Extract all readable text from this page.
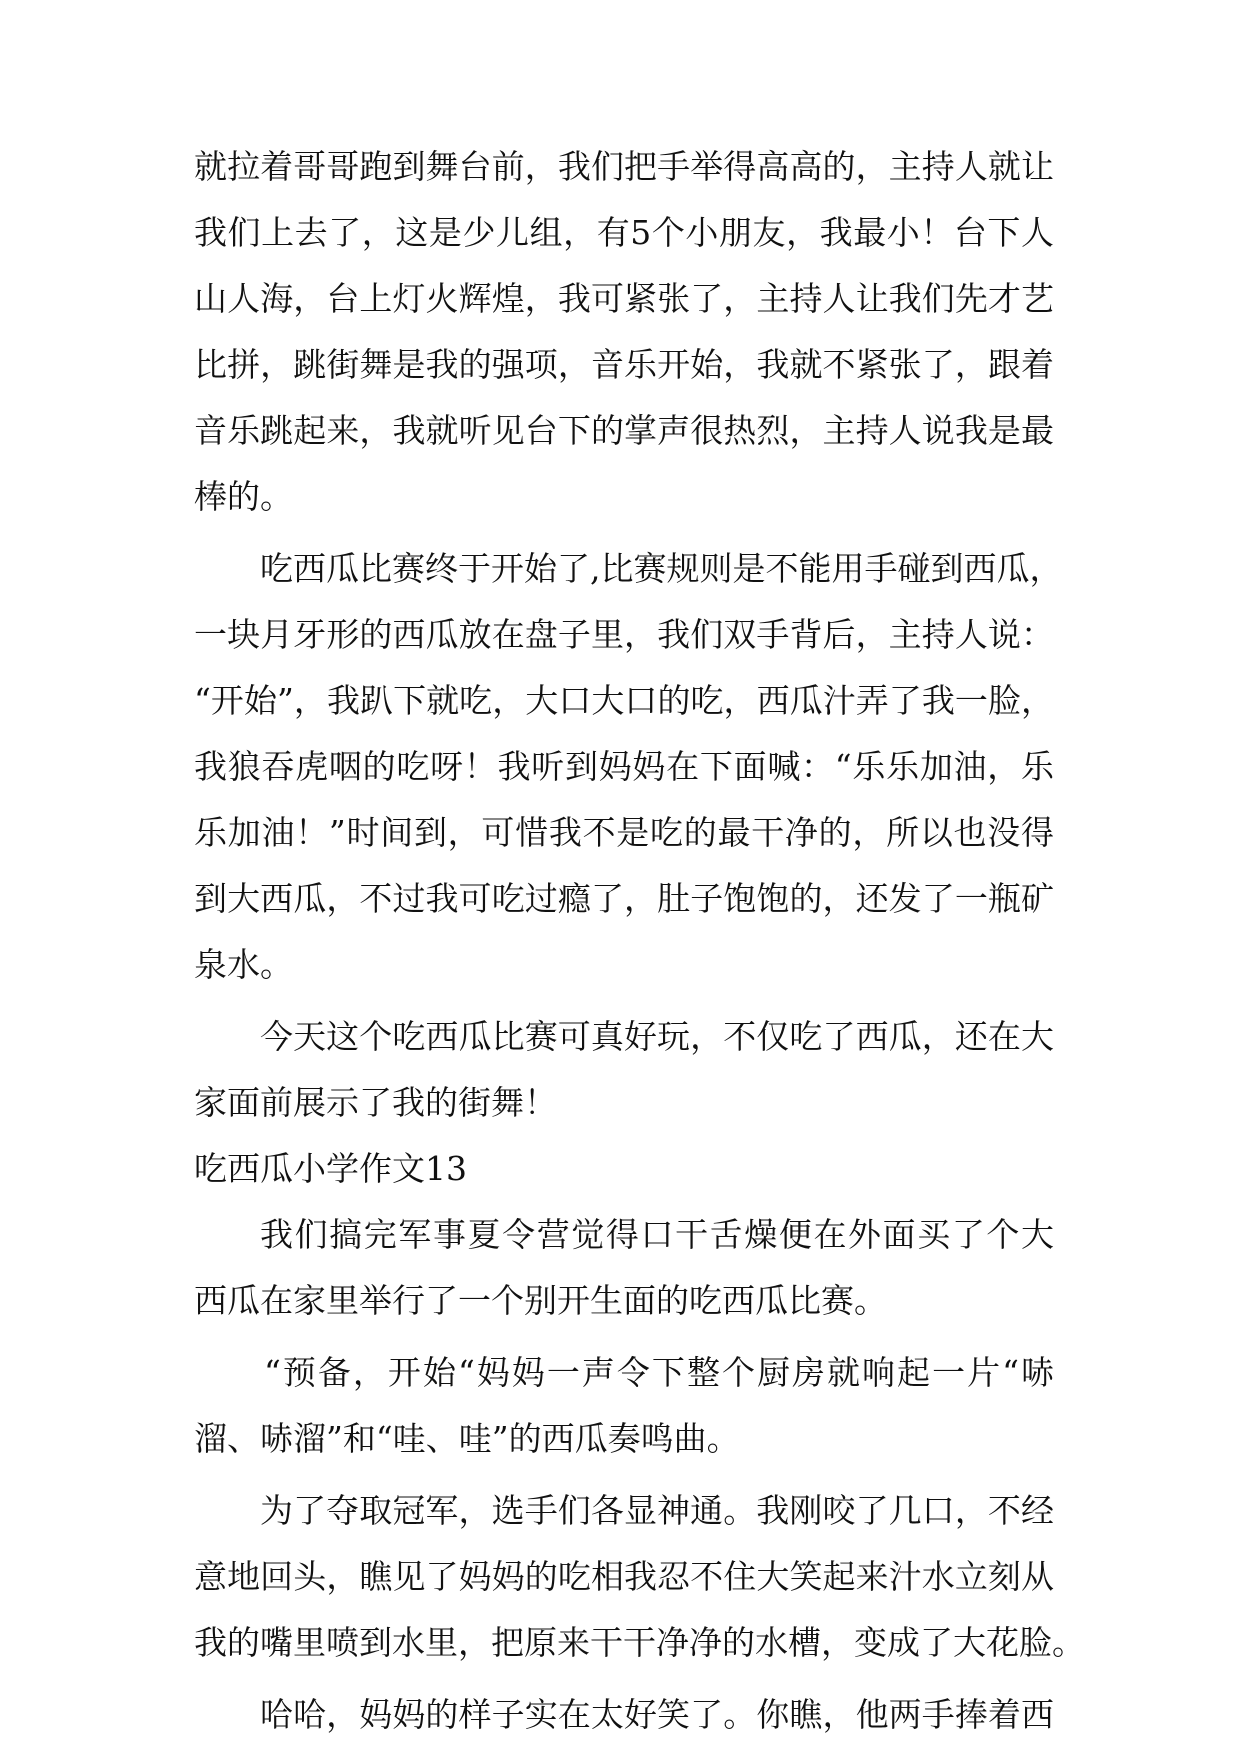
就拉着哥哥跑到舞台前，我们把手举得高高的，主持人就让
我们上去了，这是少儿组，有5个小朋友，我最小！台下人
山人海，台上灯火辉煌，我可紧张了，主持人让我们先才艺
比拼，跳街舞是我的强项，音乐开始，我就不紧张了，跟着
音乐跳起来，我就听见台下的掌声很热烈，主持人说我是最
棒的。
吃西瓜比赛终于开始了,比赛规则是不能用手碰到西瓜，
一块月牙形的西瓜放在盘子里，我们双手背后，主持人说：
“开始”，我趴下就吃，大口大口的吃，西瓜汁弄了我一脸，
我狼吞虎咽的吃呀！我听到妈妈在下面喊：“乐乐加油，乐
乐加油！”时间到，可惜我不是吃的最干净的，所以也没得
到大西瓜，不过我可吃过瘾了，肚子饱饱的，还发了一瓶矿
泉水。
今天这个吃西瓜比赛可真好玩，不仅吃了西瓜，还在大
家面前展示了我的街舞！
吃西瓜小学作文13
我们搞完军事夏令营觉得口干舌燥便在外面买了个大
西瓜在家里举行了一个别开生面的吃西瓜比赛。
“预备，开始“妈妈一声令下整个厨房就响起一片“哧
溜、哧溜”和“哇、哇”的西瓜奏鸣曲。
为了夺取冠军，选手们各显神通。我刚咬了几口，不经
意地回头，瞧见了妈妈的吃相我忍不住大笑起来汁水立刻从
我的嘴里喷到水里，把原来干干净净的水槽，变成了大花脸。
哈哈，妈妈的样子实在太好笑了。你瞧，他两手捧着西
